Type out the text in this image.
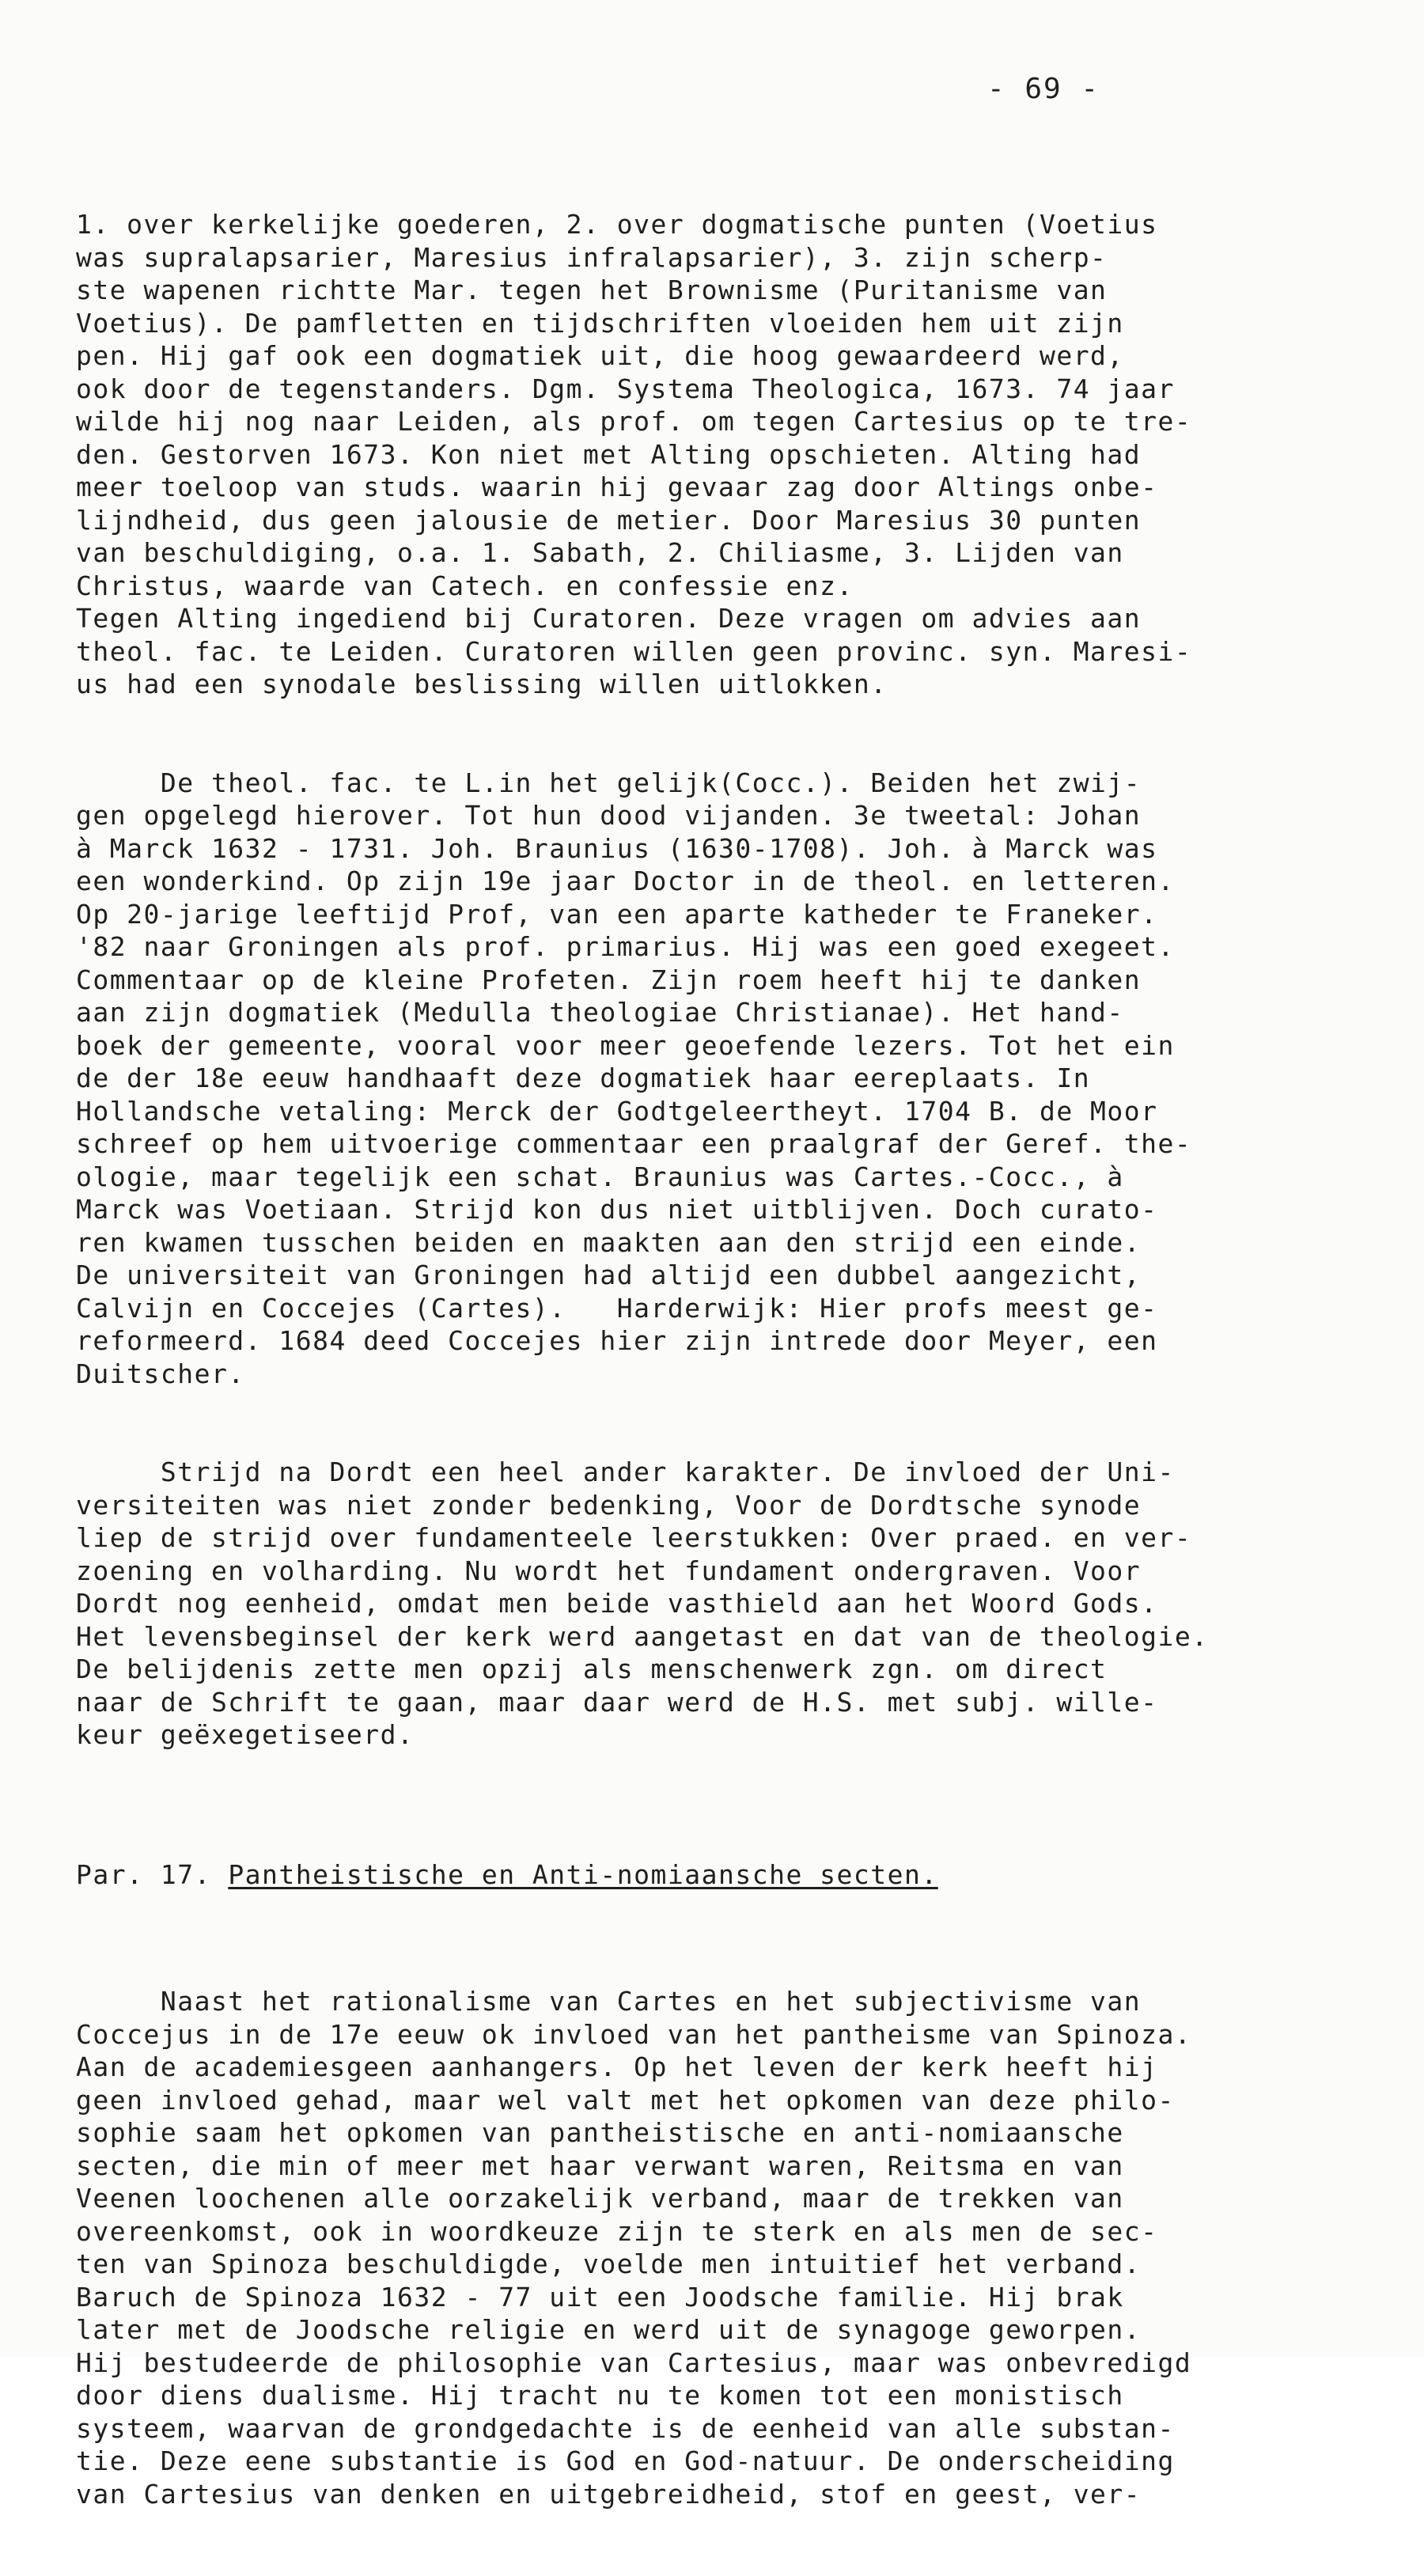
- 69 -

1. over kerkelijke goederen, 2. over dogmatische punten (Voetius
was supralapsarier, Maresius infralapsarier), 3. zijn scherp-
ste wapenen richtte Mar. tegen het Brownisme (Puritanisme van
Voetius). De pamfletten en tijdschriften vloeiden hem uit zijn
pen. Hij gaf ook een dogmatiek uit, die hoog gewaardeerd werd,
ook door de tegenstanders. Dgm. Systema Theologica, 1673. 74 jaar
wilde hij nog naar Leiden, als prof. om tegen Cartesius op te tre-
den. Gestorven 1673. Kon niet met Alting opschieten. Alting had
meer toeloop van studs. waarin hij gevaar zag door Altings onbe-
lijndheid, dus geen jalousie de metier. Door Maresius 30 punten
van beschuldiging, o.a. 1. Sabath, 2. Chiliasme, 3. Lijden van
Christus, waarde van Catech. en confessie enz.
Tegen Alting ingediend bij Curatoren. Deze vragen om advies aan
theol. fac. te Leiden. Curatoren willen geen provinc. syn. Maresi-
us had een synodale beslissing willen uitlokken.

De theol. fac. te L.in het gelijk(Cocc.). Beiden het zwij-
gen opgelegd hierover. Tot hun dood vijanden. 3e tweetal: Johan
à Marck 1632 - 1731. Joh. Braunius (1630-1708). Joh. à Marck was
een wonderkind. Op zijn 19e jaar Doctor in de theol. en letteren.
Op 20-jarige leeftijd Prof, van een aparte katheder te Franeker.
'82 naar Groningen als prof. primarius. Hij was een goed exegeet.
Commentaar op de kleine Profeten. Zijn roem heeft hij te danken
aan zijn dogmatiek (Medulla theologiae Christianae). Het hand-
boek der gemeente, vooral voor meer geoefende lezers. Tot het ein
de der 18e eeuw handhaaft deze dogmatiek haar eereplaats. In
Hollandsche vetaling: Merck der Godtgeleertheyt. 1704 B. de Moor
schreef op hem uitvoerige commentaar een praalgraf der Geref. the-
ologie, maar tegelijk een schat. Braunius was Cartes.-Cocc., à
Marck was Voetiaan. Strijd kon dus niet uitblijven. Doch curato-
ren kwamen tusschen beiden en maakten aan den strijd een einde.
De universiteit van Groningen had altijd een dubbel aangezicht,
Calvijn en Coccejes (Cartes).   Harderwijk: Hier profs meest ge-
reformeerd. 1684 deed Coccejes hier zijn intrede door Meyer, een
Duitscher.

Strijd na Dordt een heel ander karakter. De invloed der Uni-
versiteiten was niet zonder bedenking, Voor de Dordtsche synode
liep de strijd over fundamenteele leerstukken: Over praed. en ver-
zoening en volharding. Nu wordt het fundament ondergraven. Voor
Dordt nog eenheid, omdat men beide vasthield aan het Woord Gods.
Het levensbeginsel der kerk werd aangetast en dat van de theologie.
De belijdenis zette men opzij als menschenwerk zgn. om direct
naar de Schrift te gaan, maar daar werd de H.S. met subj. wille-
keur geëxegetiseerd.

Par. 17. Pantheistische en Anti-nomiaansche secten.

Naast het rationalisme van Cartes en het subjectivisme van
Coccejus in de 17e eeuw ok invloed van het pantheisme van Spinoza.
Aan de academiesgeen aanhangers. Op het leven der kerk heeft hij
geen invloed gehad, maar wel valt met het opkomen van deze philo-
sophie saam het opkomen van pantheistische en anti-nomiaansche
secten, die min of meer met haar verwant waren, Reitsma en van
Veenen loochenen alle oorzakelijk verband, maar de trekken van
overeenkomst, ook in woordkeuze zijn te sterk en als men de sec-
ten van Spinoza beschuldigde, voelde men intuitief het verband.
Baruch de Spinoza 1632 - 77 uit een Joodsche familie. Hij brak
later met de Joodsche religie en werd uit de synagoge geworpen.
Hij bestudeerde de philosophie van Cartesius, maar was onbevredigd
door diens dualisme. Hij tracht nu te komen tot een monistisch
systeem, waarvan de grondgedachte is de eenheid van alle substan-
tie. Deze eene substantie is God en God-natuur. De onderscheiding
van Cartesius van denken en uitgebreidheid, stof en geest, ver-
